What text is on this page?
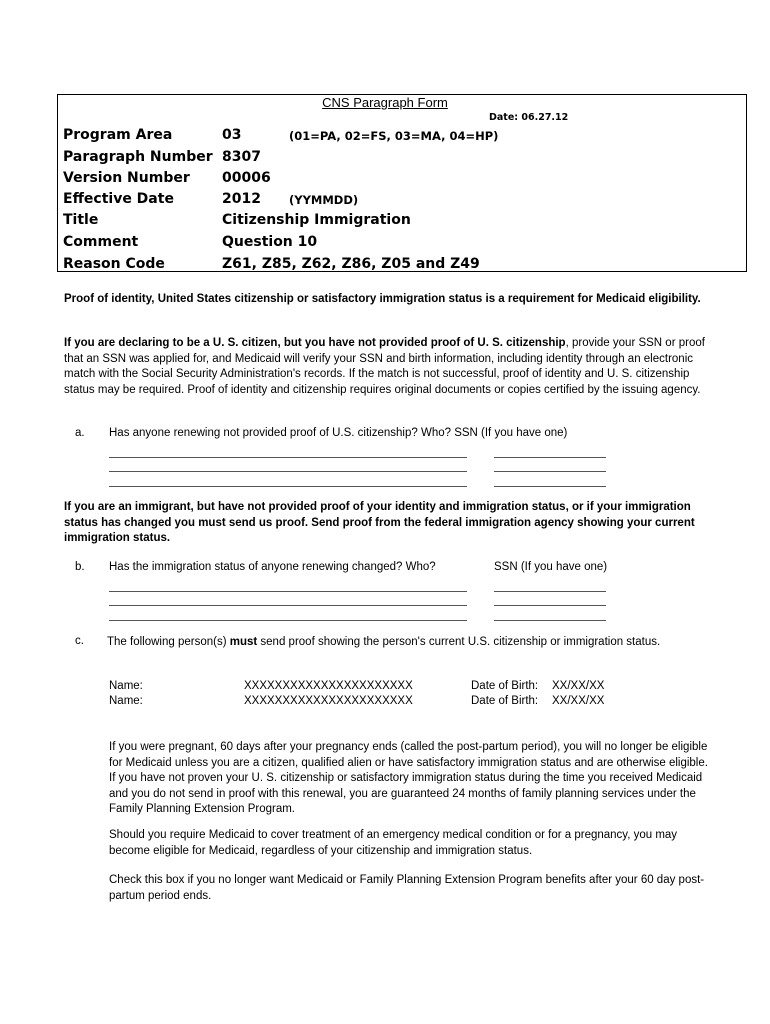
CNS Paragraph Form
Date: 06.27.12
Program Area	03	(01=PA, 02=FS, 03=MA, 04=HP)
Paragraph Number 8307
Version Number 00006
Effective Date	2012 (YYMMDD)
Title	Citizenship Immigration
Comment	Question 10
Reason Code	Z61, Z85, Z62, Z86, Z05 and Z49
Proof of identity, United States citizenship or satisfactory immigration status is a requirement for Medicaid eligibility.
If you are declaring to be a U. S. citizen, but you have not provided proof of U. S. citizenship, provide your SSN or proof that an SSN was applied for, and Medicaid will verify your SSN and birth information, including identity through an electronic match with the Social Security Administration's records. If the match is not successful, proof of identity and U. S. citizenship status may be required. Proof of identity and citizenship requires original documents or copies certified by the issuing agency.
a. Has anyone renewing not provided proof of U.S. citizenship? Who? SSN (If you have one)
If you are an immigrant, but have not provided proof of your identity and immigration status, or if your immigration status has changed you must send us proof. Send proof from the federal immigration agency showing your current immigration status.
b. Has the immigration status of anyone renewing changed? Who?	SSN (If you have one)
c. The following person(s) must send proof showing the person's current U.S. citizenship or immigration status.
Name:	XXXXXXXXXXXXXXXXXXXXXX	Date of Birth: XX/XX/XX
Name:	XXXXXXXXXXXXXXXXXXXXXX	Date of Birth: XX/XX/XX
If you were pregnant, 60 days after your pregnancy ends (called the post-partum period), you will no longer be eligible for Medicaid unless you are a citizen, qualified alien or have satisfactory immigration status and are otherwise eligible. If you have not proven your U. S. citizenship or satisfactory immigration status during the time you received Medicaid and you do not send in proof with this renewal, you are guaranteed 24 months of family planning services under the Family Planning Extension Program.
Should you require Medicaid to cover treatment of an emergency medical condition or for a pregnancy, you may become eligible for Medicaid, regardless of your citizenship and immigration status.
Check this box if you no longer want Medicaid or Family Planning Extension Program benefits after your 60 day post-partum period ends.
